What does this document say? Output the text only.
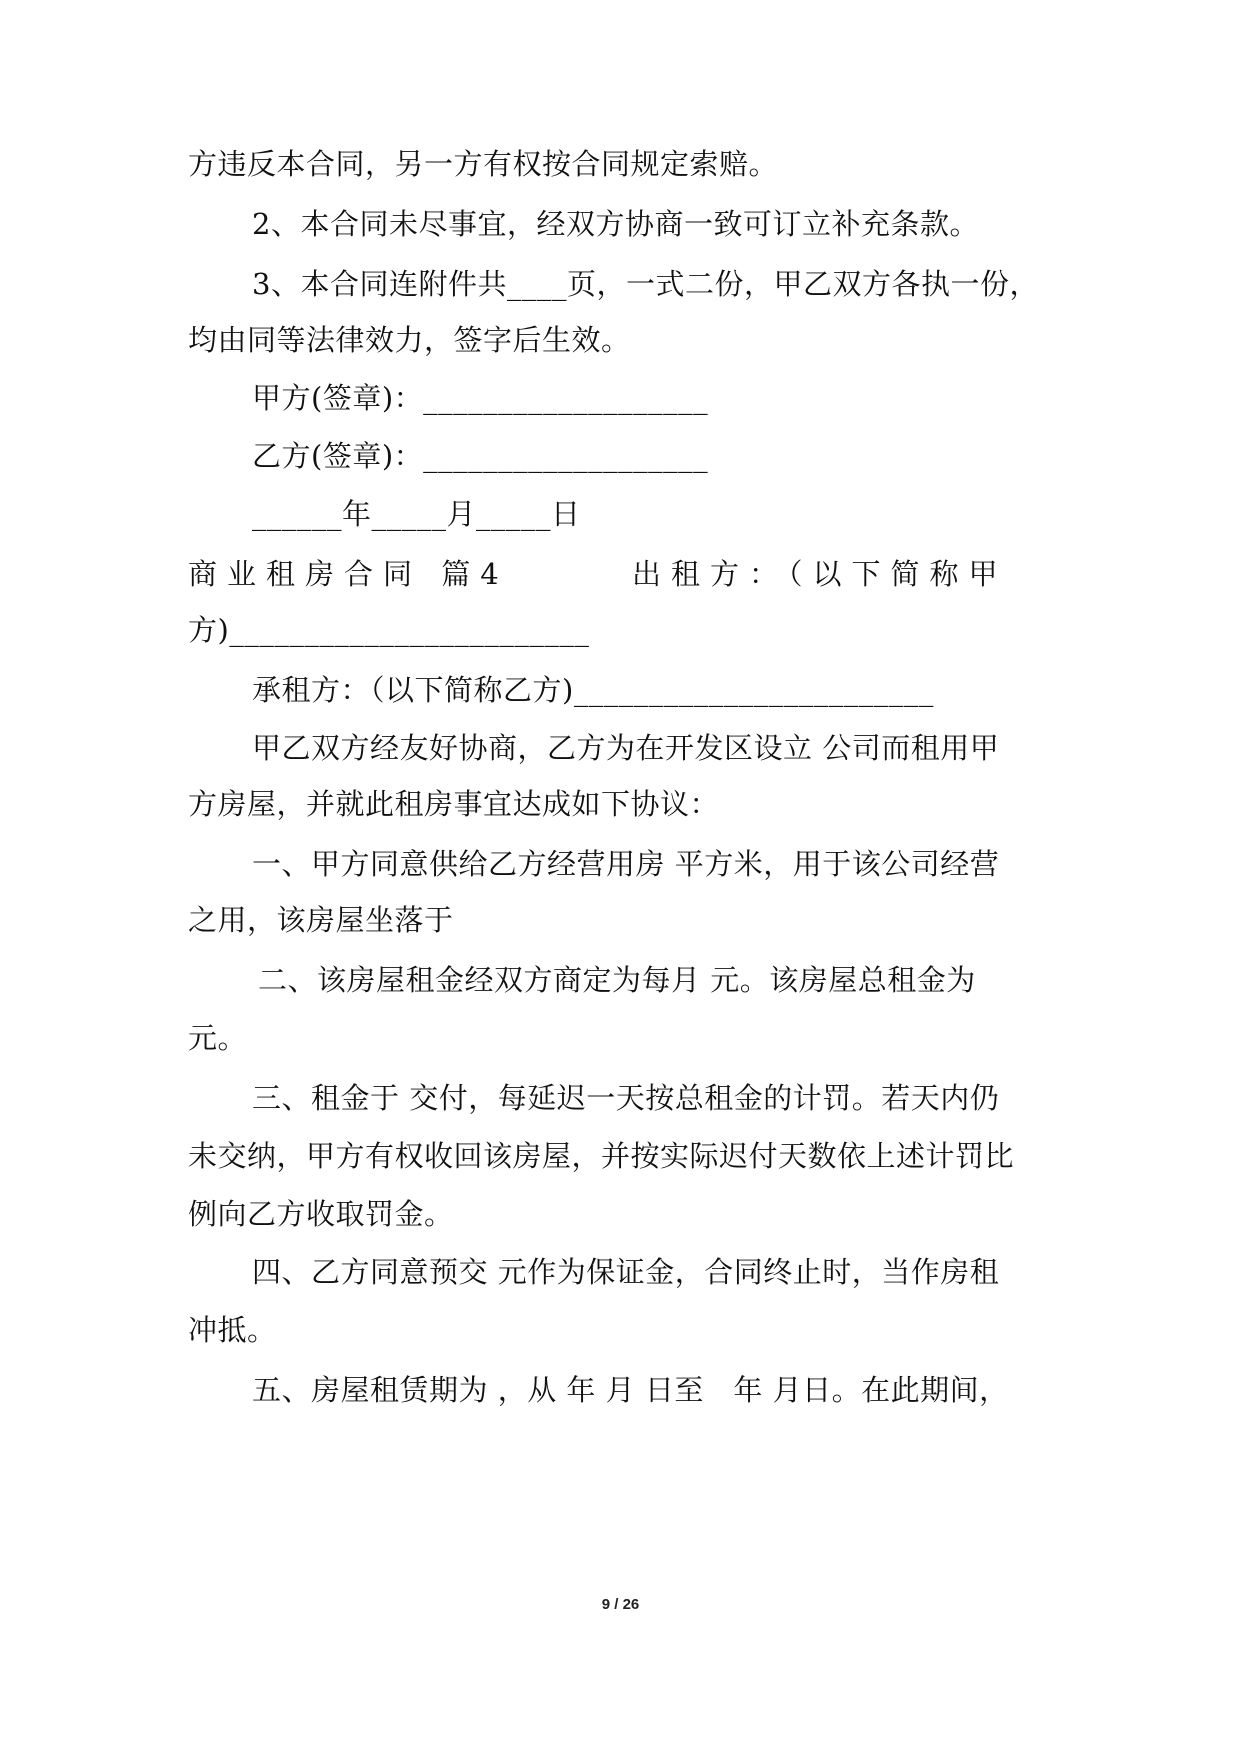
方违反本合同，另一方有权按合同规定索赔。
2、本合同未尽事宜，经双方协商一致可订立补充条款。
3、本合同连附件共____页，一式二份，甲乙双方各执一份，
均由同等法律效力，签字后生效。
甲方(签章)：___________________
乙方(签章)：___________________
______年_____月_____日
商业租房合同 篇4	出租方：（以下简称甲
方)________________________
承租方：（以下简称乙方)________________________
甲乙双方经友好协商，乙方为在开发区设立 公司而租用甲
方房屋，并就此租房事宜达成如下协议：
一、甲方同意供给乙方经营用房 平方米，用于该公司经营
之用，该房屋坐落于
二、该房屋租金经双方商定为每月 元。该房屋总租金为
元。
三、租金于 交付，每延迟一天按总租金的计罚。若天内仍
未交纳，甲方有权收回该房屋，并按实际迟付天数依上述计罚比
例向乙方收取罚金。
四、乙方同意预交 元作为保证金，合同终止时，当作房租
冲抵。
五、房屋租赁期为 ，从 年 月 日至　年 月日。在此期间，
9 / 26
